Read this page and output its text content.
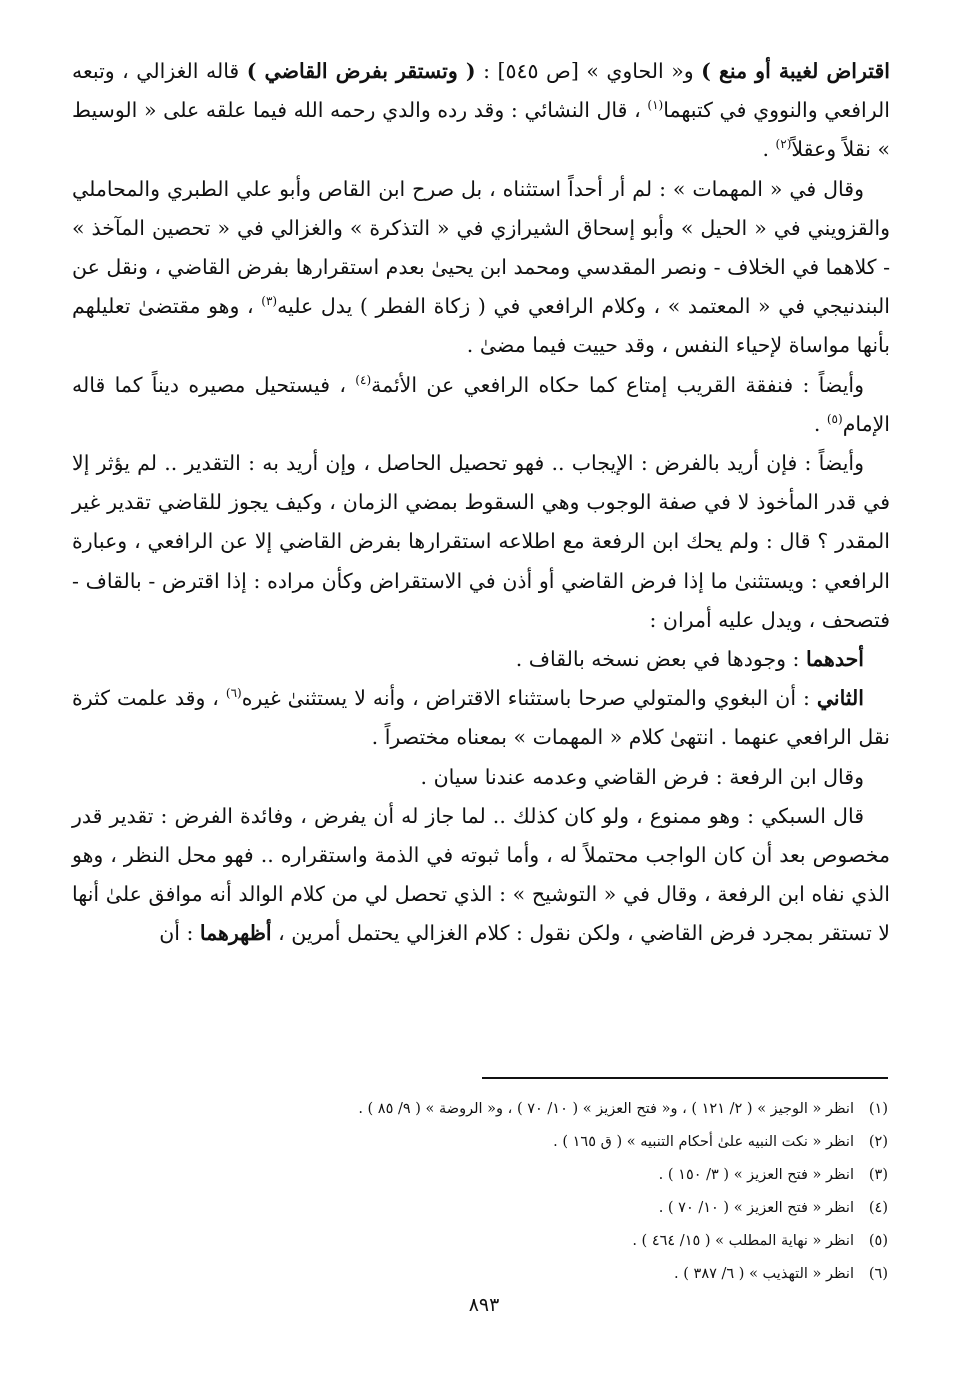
اقتراض لغيبة أو منع ) و« الحاوي » [ص ٥٤٥] : ( وتستقر بفرض القاضي ) قاله الغزالي ، وتبعه الرافعي والنووي في كتبهما$^{(١)}$ ، قال النشائي : وقد رده والدي رحمه الله فيما علقه على « الوسيط » نقلاً وعقلاً$^{(٢)}$ .

وقال في « المهمات » : لم أر أحداً استثناه ، بل صرح ابن القاص وأبو علي الطبري والمحاملي والقزويني في « الحيل » وأبو إسحاق الشيرازي في « التذكرة » والغزالي في « تحصين المآخذ » - كلاهما في الخلاف - ونصر المقدسي ومحمد ابن يحيىٰ بعدم استقرارها بفرض القاضي ، ونقل عن البندنيجي في « المعتمد » ، وكلام الرافعي في ( زكاة الفطر ) يدل عليه$^{(٣)}$ ، وهو مقتضىٰ تعليلهم بأنها مواساة لإحياء النفس ، وقد حييت فيما مضىٰ .

وأيضاً : فنفقة القريب إمتاع كما حكاه الرافعي عن الأئمة$^{(٤)}$ ، فيستحيل مصيره ديناً كما قاله الإمام$^{(٥)}$ .

وأيضاً : فإن أريد بالفرض : الإيجاب .. فهو تحصيل الحاصل ، وإن أريد به : التقدير .. لم يؤثر إلا في قدر المأخوذ لا في صفة الوجوب وهي السقوط بمضي الزمان ، وكيف يجوز للقاضي تقدير غير المقدر ؟ قال : ولم يحك ابن الرفعة مع اطلاعه استقرارها بفرض القاضي إلا عن الرافعي ، وعبارة الرافعي : ويستثنىٰ ما إذا فرض القاضي أو أذن في الاستقراض وكأن مراده : إذا اقترض - بالقاف - فتصحف ، ويدل عليه أمران :

أحدهما : وجودها في بعض نسخه بالقاف .

الثاني : أن البغوي والمتولي صرحا باستثناء الاقتراض ، وأنه لا يستثنىٰ غيره$^{(٦)}$ ، وقد علمت كثرة نقل الرافعي عنهما . انتهىٰ كلام « المهمات » بمعناه مختصراً .

وقال ابن الرفعة : فرض القاضي وعدمه عندنا سيان .

قال السبكي : وهو ممنوع ، ولو كان كذلك .. لما جاز له أن يفرض ، وفائدة الفرض : تقدير قدر مخصوص بعد أن كان الواجب محتملاً له ، وأما ثبوته في الذمة واستقراره .. فهو محل النظر ، وهو الذي نفاه ابن الرفعة ، وقال في « التوشيح » : الذي تحصل لي من كلام الوالد أنه موافق علىٰ أنها لا تستقر بمجرد فرض القاضي ، ولكن نقول : كلام الغزالي يحتمل أمرين ، أظهرهما : أن

(١)
انظر « الوجيز » ( ٢/ ١٢١ ) ، و« فتح العزيز » ( ١٠/ ٧٠ ) ، و« الروضة » ( ٩/ ٨٥ ) .
(٢)
انظر « نكت النبيه علىٰ أحكام التنبيه » ( ق ١٦٥ ) .
(٣)
انظر « فتح العزيز » ( ٣/ ١٥٠ ) .
(٤)
انظر « فتح العزيز » ( ١٠/ ٧٠ ) .
(٥)
انظر « نهاية المطلب » ( ١٥/ ٤٦٤ ) .
(٦)
انظر « التهذيب » ( ٦/ ٣٨٧ ) .
٨٩٣
